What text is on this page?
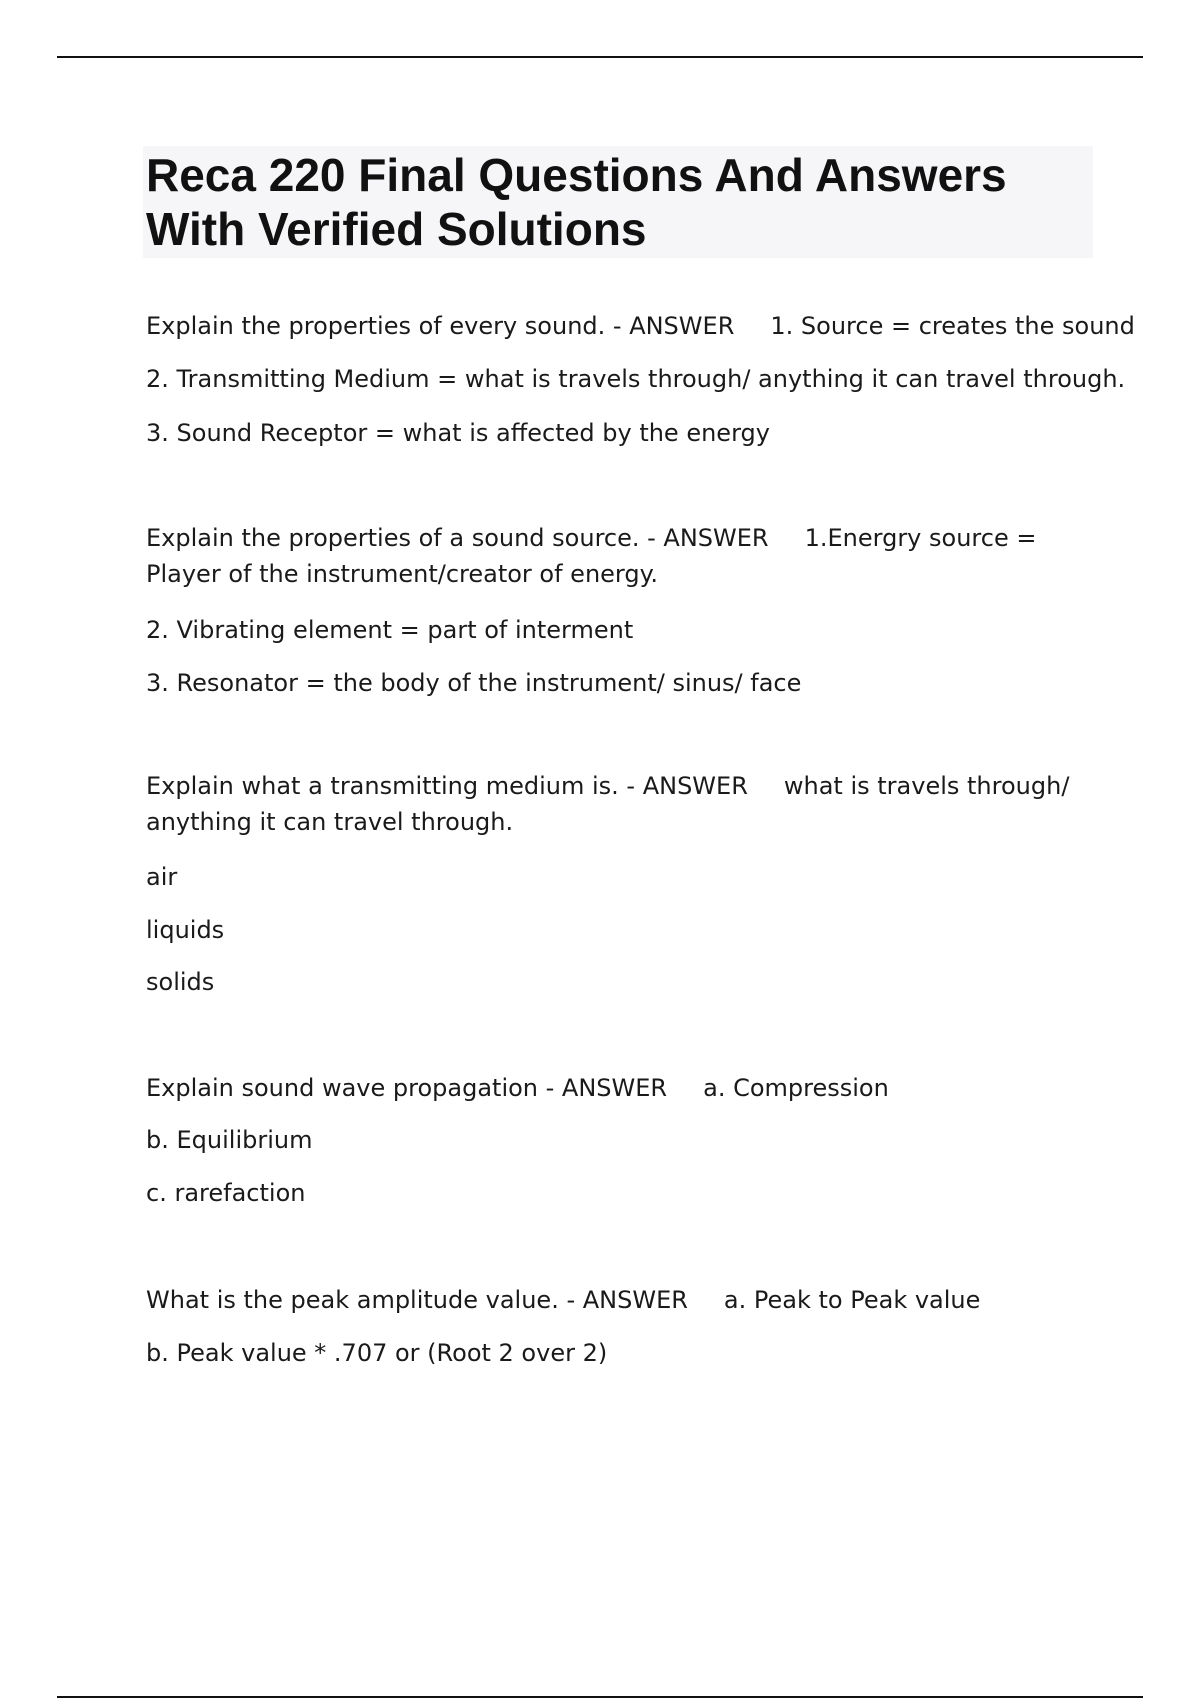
Reca 220 Final Questions And Answers With Verified Solutions

Explain the properties of every sound. - ANSWER 1. Source = creates the sound

2. Transmitting Medium = what is travels through/ anything it can travel through.

3. Sound Receptor = what is affected by the energy

Explain the properties of a sound source. - ANSWER 1.Energry source = Player of the instrument/creator of energy.

2. Vibrating element = part of interment

3. Resonator = the body of the instrument/ sinus/ face

Explain what a transmitting medium is. - ANSWER what is travels through/ anything it can travel through.

air

liquids

solids

Explain sound wave propagation - ANSWER a. Compression

b. Equilibrium

c. rarefaction

What is the peak amplitude value. - ANSWER a. Peak to Peak value

b. Peak value * .707 or (Root 2 over 2)
